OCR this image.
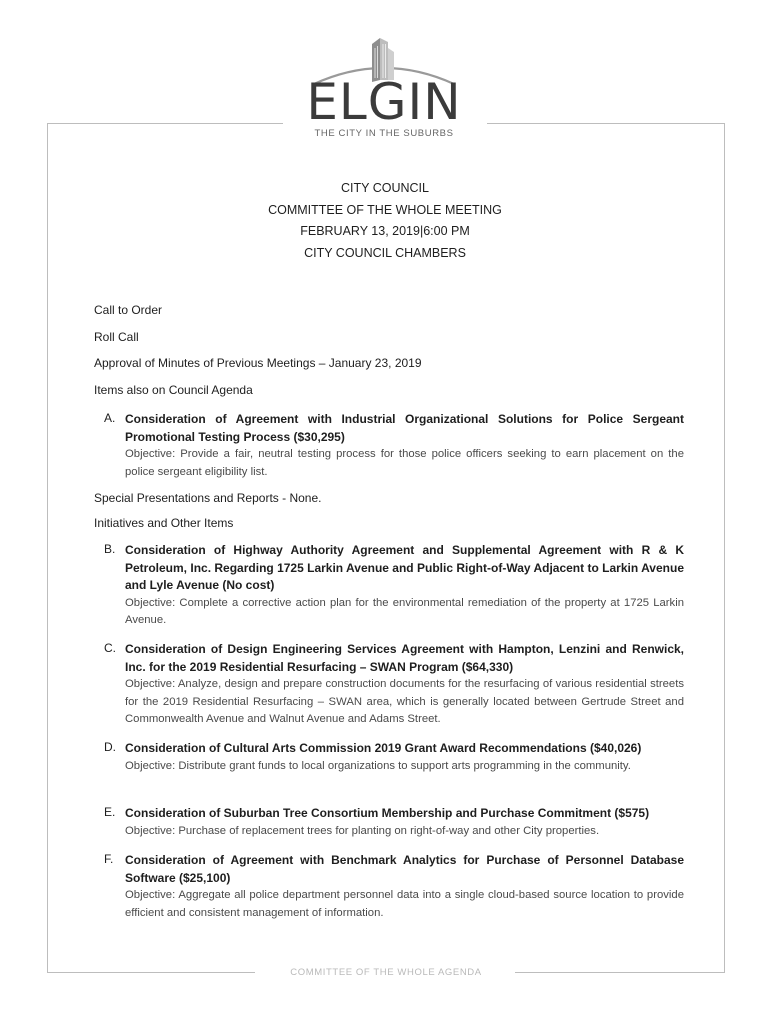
ELGIN
THE CITY IN THE SUBURBS
CITY COUNCIL
COMMITTEE OF THE WHOLE MEETING
FEBRUARY 13, 2019|6:00 PM
CITY COUNCIL CHAMBERS
Call to Order
Roll Call
Approval of Minutes of Previous Meetings – January 23, 2019
Items also on Council Agenda
A. Consideration of Agreement with Industrial Organizational Solutions for Police Sergeant Promotional Testing Process ($30,295)
Objective: Provide a fair, neutral testing process for those police officers seeking to earn placement on the police sergeant eligibility list.
Special Presentations and Reports - None.
Initiatives and Other Items
B. Consideration of Highway Authority Agreement and Supplemental Agreement with R & K Petroleum, Inc. Regarding 1725 Larkin Avenue and Public Right-of-Way Adjacent to Larkin Avenue and Lyle Avenue (No cost)
Objective: Complete a corrective action plan for the environmental remediation of the property at 1725 Larkin Avenue.
C. Consideration of Design Engineering Services Agreement with Hampton, Lenzini and Renwick, Inc. for the 2019 Residential Resurfacing – SWAN Program ($64,330)
Objective: Analyze, design and prepare construction documents for the resurfacing of various residential streets for the 2019 Residential Resurfacing – SWAN area, which is generally located between Gertrude Street and Commonwealth Avenue and Walnut Avenue and Adams Street.
D. Consideration of Cultural Arts Commission 2019 Grant Award Recommendations ($40,026)
Objective: Distribute grant funds to local organizations to support arts programming in the community.
E. Consideration of Suburban Tree Consortium Membership and Purchase Commitment ($575)
Objective: Purchase of replacement trees for planting on right-of-way and other City properties.
F. Consideration of Agreement with Benchmark Analytics for Purchase of Personnel Database Software ($25,100)
Objective: Aggregate all police department personnel data into a single cloud-based source location to provide efficient and consistent management of information.
COMMITTEE OF THE WHOLE AGENDA
